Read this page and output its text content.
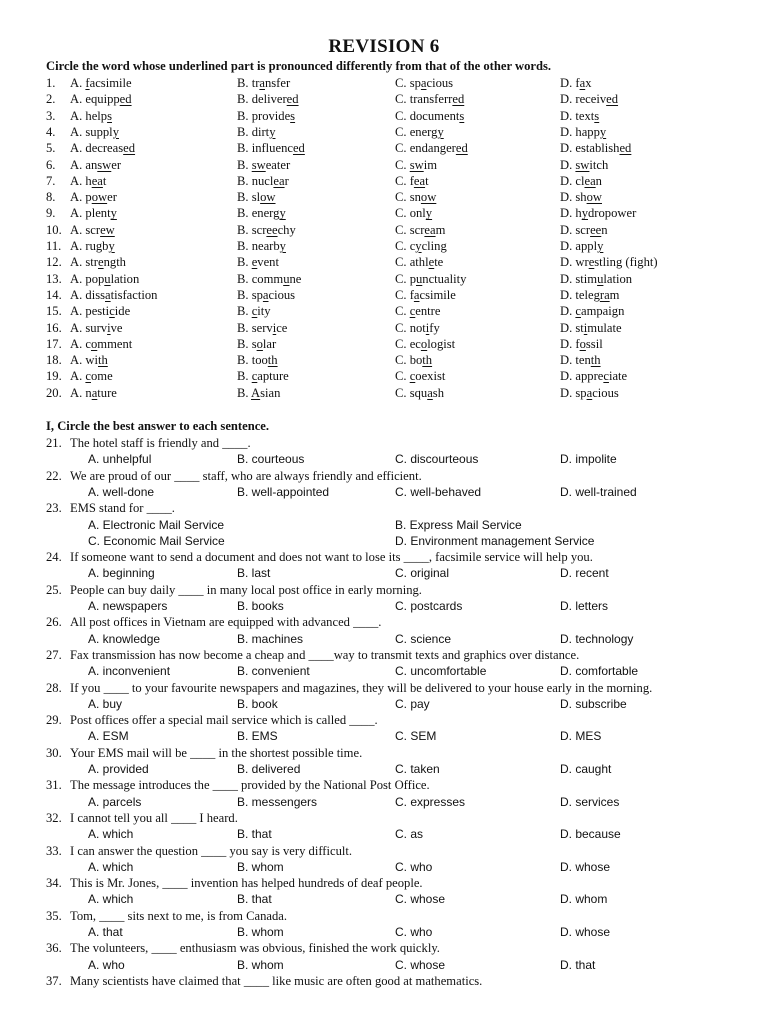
REVISION 6
Circle the word whose underlined part is pronounced differently from that of the other words.
1. A. facsimile	B. transfer	C. spacious	D. fax
2. A. equipped	B. delivered	C. transferred	D. received
3. A. helps	B. provides	C. documents	D. texts
4. A. supply	B. dirty	C. energy	D. happy
5. A. decreased	B. influenced	C. endangered	D. established
6. A. answer	B. sweater	C. swim	D. switch
7. A. heat	B. nuclear	C. feat	D. clean
8. A. power	B. slow	C. snow	D. show
9. A. plenty	B. energy	C. only	D. hydropower
10. A. screw	B. screechy	C. scream	D. screen
11. A. rugby	B. nearby	C. cycling	D. apply
12. A. strength	B. event	C. athlete	D. wrestling (fight)
13. A. population	B. commune	C. punctuality	D. stimulation
14. A. dissatisfaction	B. spacious	C. facsimile	D. telegram
15. A. pesticide	B. city	C. centre	D. campaign
16. A. survive	B. service	C. notify	D. stimulate
17. A. comment	B. solar	C. ecologist	D. fossil
18. A. with	B. tooth	C. both	D. tenth
19. A. come	B. capture	C. coexist	D. appreciate
20. A. nature	B. Asian	C. squash	D. spacious
I, Circle the best answer to each sentence.
21. The hotel staff is friendly and ____.
A. unhelpful	B. courteous	C. discourteous	D. impolite
22. We are proud of our ____ staff, who are always friendly and efficient.
A. well-done	B. well-appointed	C. well-behaved	D. well-trained
23. EMS stand for ____.
A. Electronic Mail Service	B. Express Mail Service
C. Economic Mail Service	D. Environment management Service
24. If someone want to send a document and does not want to lose its ____, facsimile service will help you.
A. beginning	B. last	C. original	D. recent
25. People can buy daily ____ in many local post office in early morning.
A. newspapers	B. books	C. postcards	D. letters
26. All post offices in Vietnam are equipped with advanced ____.
A. knowledge	B. machines	C. science	D. technology
27. Fax transmission has now become a cheap and ____way to transmit texts and graphics over distance.
A. inconvenient	B. convenient	C. uncomfortable	D. comfortable
28. If you ____ to your favourite newspapers and magazines, they will be delivered to your house early in the morning.
A. buy	B. book	C. pay	D. subscribe
29. Post offices offer a special mail service which is called ____.
A. ESM	B. EMS	C. SEM	D. MES
30. Your EMS mail will be ____ in the shortest possible time.
A. provided	B. delivered	C. taken	D. caught
31. The message introduces the ____ provided by the National Post Office.
A. parcels	B. messengers	C. expresses	D. services
32. I cannot tell you all ____ I heard.
A. which	B. that	C. as	D. because
33. I can answer the question ____ you say is very difficult.
A. which	B. whom	C. who	D. whose
34. This is Mr. Jones, ____ invention has helped hundreds of deaf people.
A. which	B. that	C. whose	D. whom
35. Tom, ____ sits next to me, is from Canada.
A. that	B. whom	C. who	D. whose
36. The volunteers, ____ enthusiasm was obvious, finished the work quickly.
A. who	B. whom	C. whose	D. that
37. Many scientists have claimed that ____ like music are often good at mathematics.
